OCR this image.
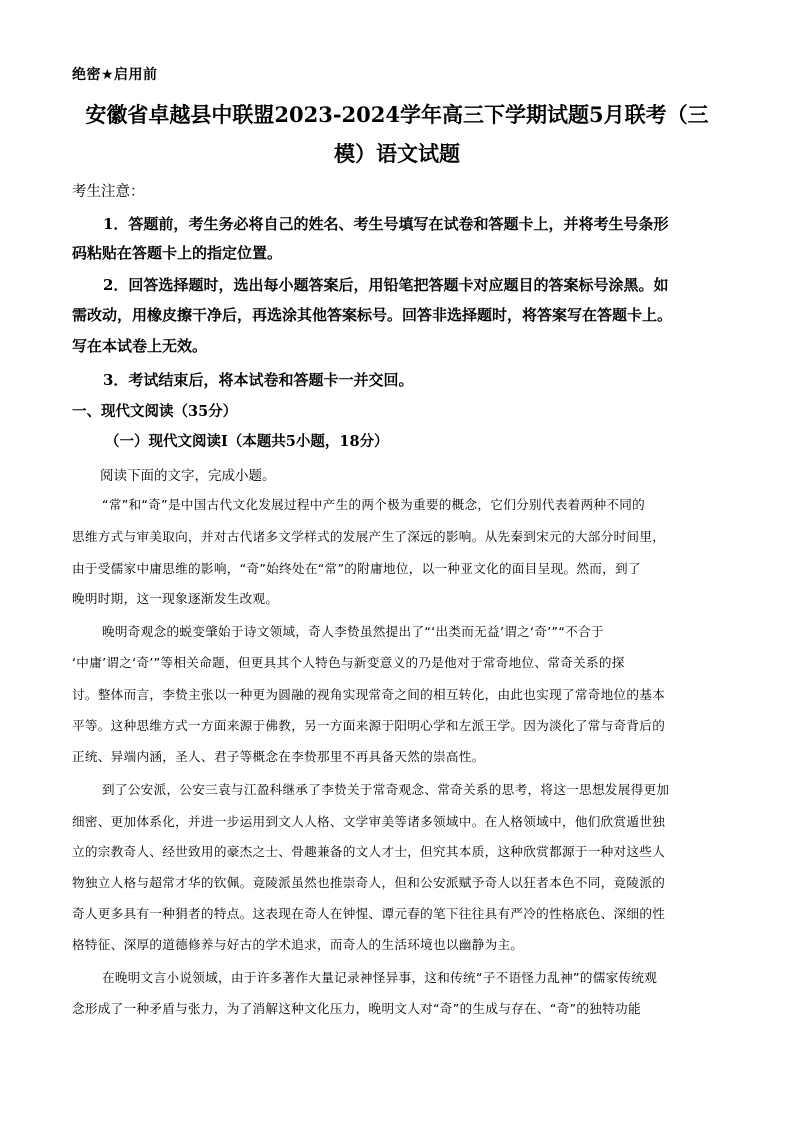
绝密★启用前
安徽省卓越县中联盟2023-2024学年高三下学期试题5月联考（三
模）语文试题
考生注意：
1．答题前，考生务必将自己的姓名、考生号填写在试卷和答题卡上，并将考生号条形
码粘贴在答题卡上的指定位置。
2．回答选择题时，选出每小题答案后，用铅笔把答题卡对应题目的答案标号涂黑。如
需改动，用橡皮擦干净后，再选涂其他答案标号。回答非选择题时，将答案写在答题卡上。
写在本试卷上无效。
3．考试结束后，将本试卷和答题卡一并交回。
一、现代文阅读（35分）
（一）现代文阅读Ⅰ（本题共5小题，18分）
阅读下面的文字，完成小题。
“常”和“奇”是中国古代文化发展过程中产生的两个极为重要的概念，它们分别代表着两种不同的
思维方式与审美取向，并对古代诸多文学样式的发展产生了深远的影响。从先秦到宋元的大部分时间里，
由于受儒家中庸思维的影响，“奇”始终处在“常”的附庸地位，以一种亚文化的面目呈现。然而，到了
晚明时期，这一现象逐渐发生改观。
晚明奇观念的蜕变肇始于诗文领域，奇人李贽虽然提出了“‘出类而无益’谓之‘奇’”“不合于
‘中庸’谓之‘奇’”等相关命题，但更具其个人特色与新变意义的乃是他对于常奇地位、常奇关系的探
讨。整体而言，李贽主张以一种更为圆融的视角实现常奇之间的相互转化，由此也实现了常奇地位的基本
平等。这种思维方式一方面来源于佛教，另一方面来源于阳明心学和左派王学。因为淡化了常与奇背后的
正统、异端内涵，圣人、君子等概念在李贽那里不再具备天然的崇高性。
到了公安派，公安三袁与江盈科继承了李贽关于常奇观念、常奇关系的思考，将这一思想发展得更加
细密、更加体系化，并进一步运用到文人人格、文学审美等诸多领域中。在人格领域中，他们欣赏遁世独
立的宗教奇人、经世致用的豪杰之士、骨趣兼备的文人才士，但究其本质，这种欣赏都源于一种对这些人
物独立人格与超常才华的钦佩。竟陵派虽然也推崇奇人，但和公安派赋予奇人以狂者本色不同，竟陵派的
奇人更多具有一种狷者的特点。这表现在奇人在钟惺、谭元春的笔下往往具有严冷的性格底色、深细的性
格特征、深厚的道德修养与好古的学术追求，而奇人的生活环境也以幽静为主。
在晚明文言小说领域，由于许多著作大量记录神怪异事，这和传统“子不语怪力乱神”的儒家传统观
念形成了一种矛盾与张力，为了消解这种文化压力，晚明文人对“奇”的生成与存在、“奇”的独特功能
